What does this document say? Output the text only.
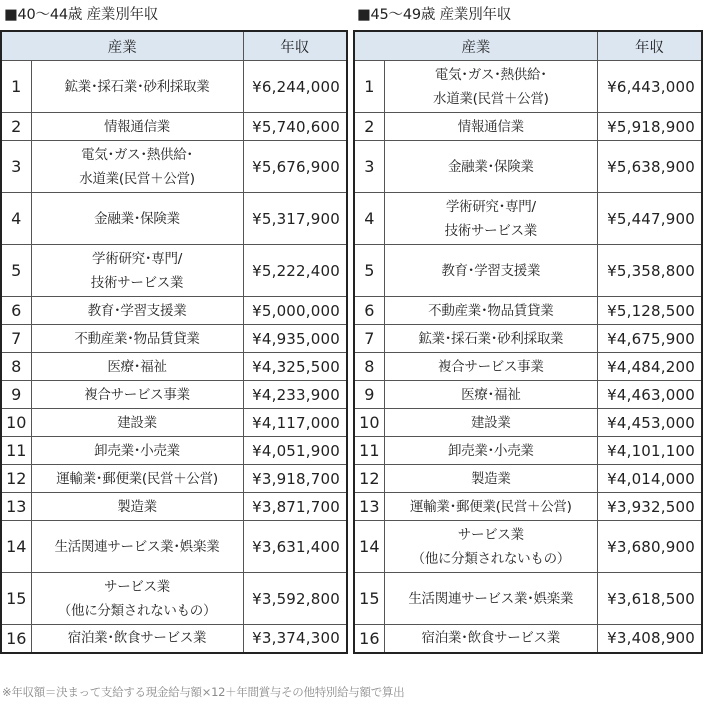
■40～44歳 産業別年収
産業		年収
1	鉱業･採石業･砂利採取業	¥6,244,000
2	情報通信業	¥5,740,600
3	電気･ガス･熱供給･
水道業(民営＋公営)	¥5,676,900
4	金融業･保険業	¥5,317,900
5	学術研究･専門/
技術サービス業	¥5,222,400
6	教育･学習支援業	¥5,000,000
7	不動産業･物品賃貸業	¥4,935,000
8	医療･福祉	¥4,325,500
9	複合サービス事業	¥4,233,900
10	建設業	¥4,117,000
11	卸売業･小売業	¥4,051,900
12	運輸業･郵便業(民営＋公営)	¥3,918,700
13	製造業	¥3,871,700
14	生活関連サービス業･娯楽業	¥3,631,400
15	サービス業
（他に分類されないもの）	¥3,592,800
16	宿泊業･飲食サービス業	¥3,374,300
■45～49歳 産業別年収
産業		年収
1	電気･ガス･熱供給･
水道業(民営＋公営)	¥6,443,000
2	情報通信業	¥5,918,900
3	金融業･保険業	¥5,638,900
4	学術研究･専門/
技術サービス業	¥5,447,900
5	教育･学習支援業	¥5,358,800
6	不動産業･物品賃貸業	¥5,128,500
7	鉱業･採石業･砂利採取業	¥4,675,900
8	複合サービス事業	¥4,484,200
9	医療･福祉	¥4,463,000
10	建設業	¥4,453,000
11	卸売業･小売業	¥4,101,100
12	製造業	¥4,014,000
13	運輸業･郵便業(民営＋公営)	¥3,932,500
14	サービス業
（他に分類されないもの）	¥3,680,900
15	生活関連サービス業･娯楽業	¥3,618,500
16	宿泊業･飲食サービス業	¥3,408,900
※年収額＝決まって支給する現金給与額×12＋年間賞与その他特別給与額で算出
